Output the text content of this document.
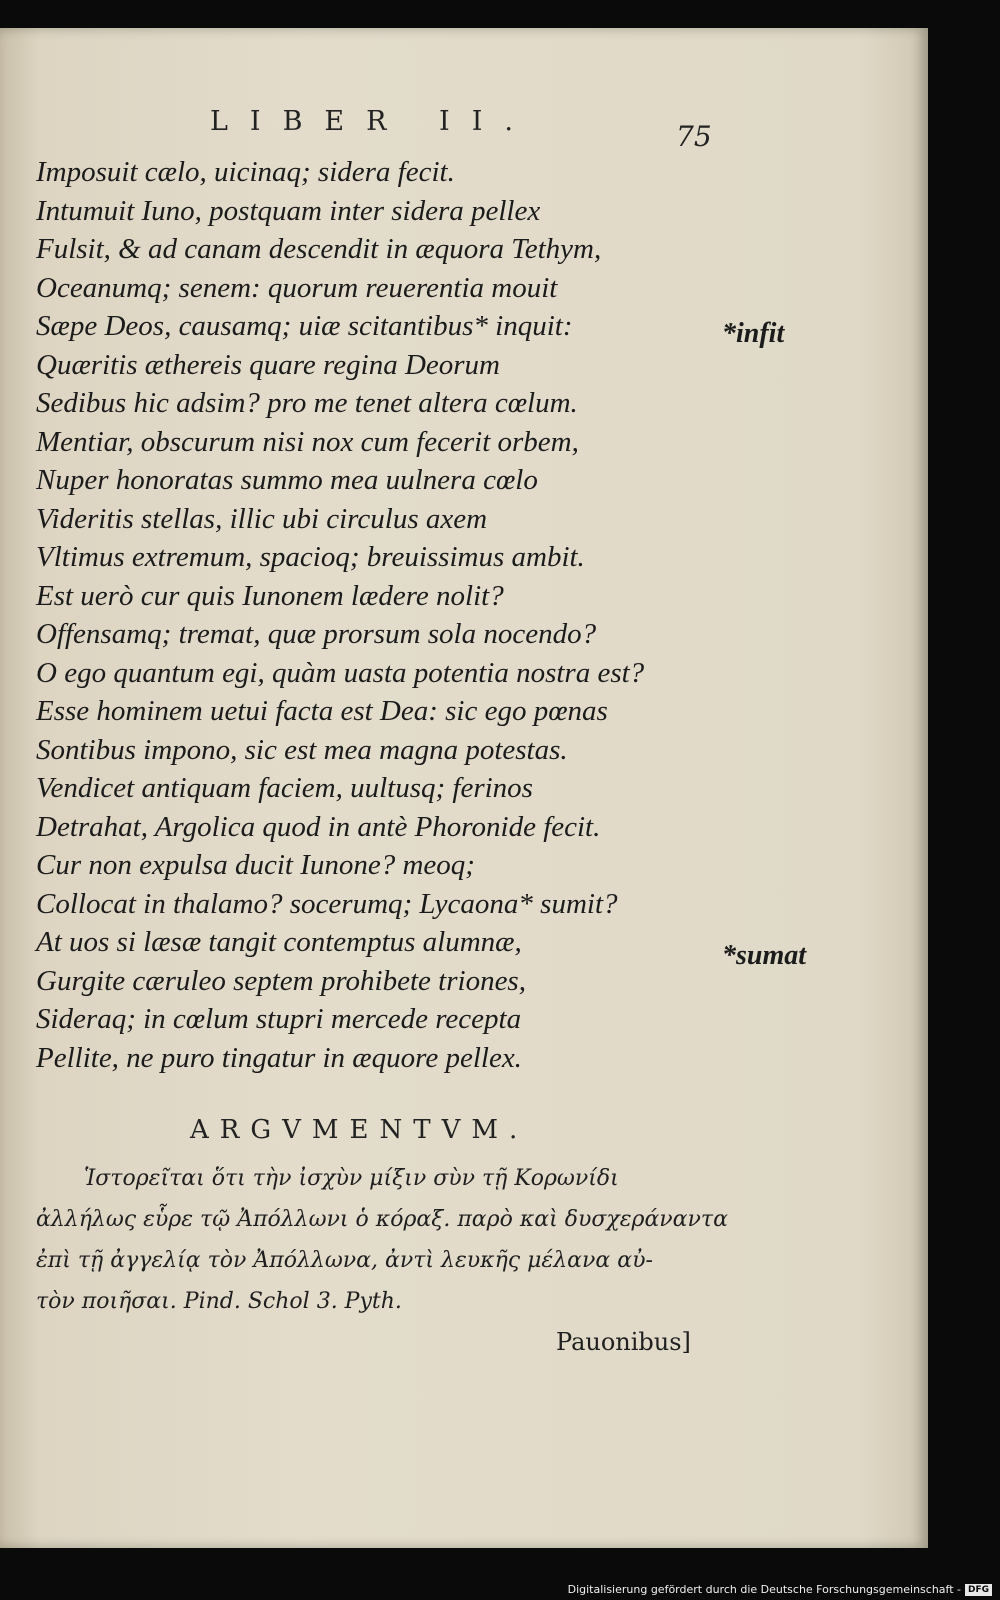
LIBER II.	75
Imposuit cælo, uicinaq; sidera fecit.
Intumuit Iuno, postquam inter sidera pellex
Fulsit, & ad canam descendit in æquora Tethym,
Oceanumq; senem: quorum reuerentia mouit
Sæpe Deos, causamq; uiæ scitantibus* inquit:
Quæritis æthereis quare regina Deorum
Sedibus hic adsim? pro me tenet altera cœlum.
Mentiar, obscurum nisi nox cum fecerit orbem,
Nuper honoratas summo mea uulnera cœlo
Videritis stellas, illic ubi circulus axem
Vltimus extremum, spacioq; breuissimus ambit.
Est uerò cur quis Iunonem lædere nolit?
Offensamq; tremat, quæ prorsum sola nocendo?
O ego quantum egi, quàm uasta potentia nostra est?
Esse hominem uetui facta est Dea: sic ego pœnas
Sontibus impono, sic est mea magna potestas.
Vendicet antiquam faciem, uultusq; ferinos
Detrahat, Argolica quod in antè Phoronide fecit.
Cur non expulsa ducit Iunone? meoq;
Collocat in thalamo? socerumq; Lycaona* sumit?
At uos si læsæ tangit contemptus alumnæ,
Gurgite cæruleo septem prohibete triones,
Sideraq; in cœlum stupri mercede recepta
Pellite, ne puro tingatur in æquore pellex.
*infit
*sumat
ARGVMENTVM.
Ἱστορεῖται ὅτι τὴν ἰσχὺν μίξιν σὺν τῇ Κορωνίδι
ἀλλήλως εὗρε τῷ Ἀπόλλωνι ὁ κόραξ. παρὸ καὶ δυσχεράναντα
ἐπὶ τῇ ἀγγελίᾳ τὸν Ἀπόλλωνα, ἀντὶ λευκῆς μέλανα αὐ-
τὸν ποιῆσαι. Pind. Schol 3. Pyth.
Pauonibus]
Digitalisierung gefördert durch die Deutsche Forschungsgemeinschaft - DFG
